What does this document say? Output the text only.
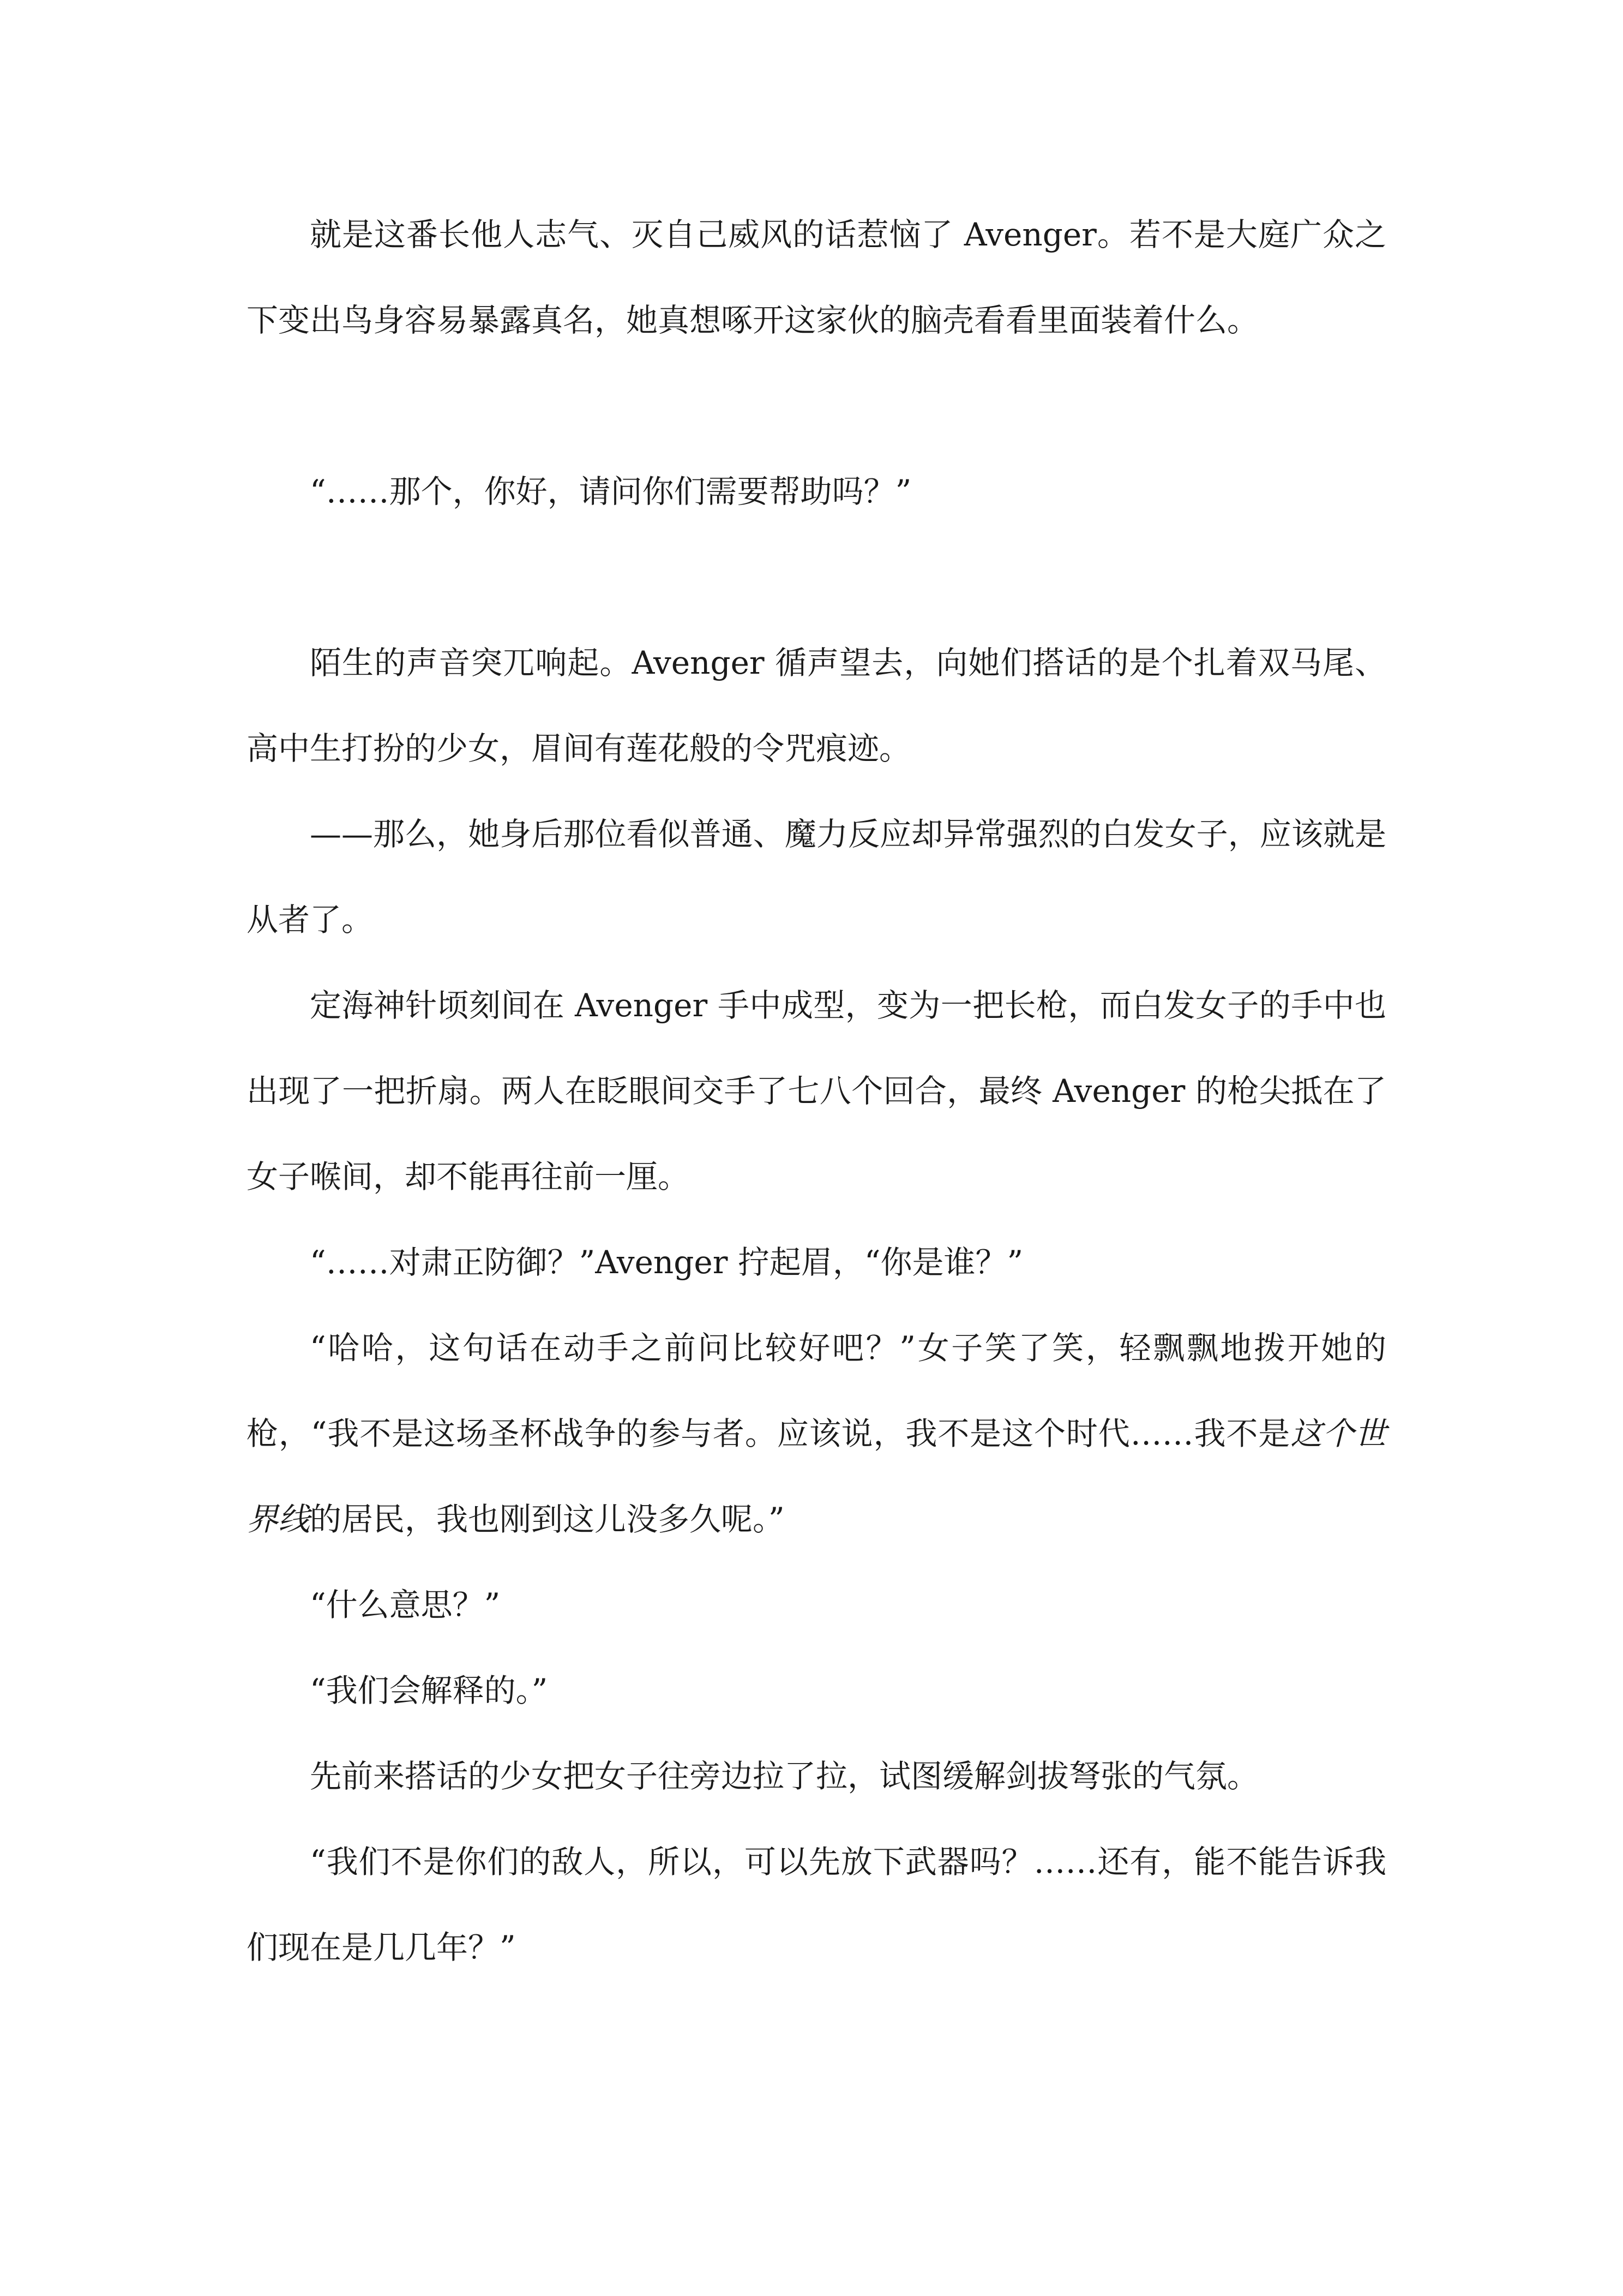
就是这番长他人志气、灭自己威风的话惹恼了 Avenger。若不是大庭广众之下变出鸟身容易暴露真名，她真想啄开这家伙的脑壳看看里面装着什么。

“……那个，你好，请问你们需要帮助吗？”

陌生的声音突兀响起。Avenger 循声望去，向她们搭话的是个扎着双马尾、高中生打扮的少女，眉间有莲花般的令咒痕迹。

——那么，她身后那位看似普通、魔力反应却异常强烈的白发女子，应该就是从者了。

定海神针顷刻间在 Avenger 手中成型，变为一把长枪，而白发女子的手中也出现了一把折扇。两人在眨眼间交手了七八个回合，最终 Avenger 的枪尖抵在了女子喉间，却不能再往前一厘。

“……对肃正防御？”Avenger 拧起眉，“你是谁？”

“哈哈，这句话在动手之前问比较好吧？”女子笑了笑，轻飘飘地拨开她的枪，“我不是这场圣杯战争的参与者。应该说，我不是这个时代……我不是这个世界线的居民，我也刚到这儿没多久呢。”

“什么意思？”

“我们会解释的。”

先前来搭话的少女把女子往旁边拉了拉，试图缓解剑拔弩张的气氛。

“我们不是你们的敌人，所以，可以先放下武器吗？……还有，能不能告诉我们现在是几几年？”
